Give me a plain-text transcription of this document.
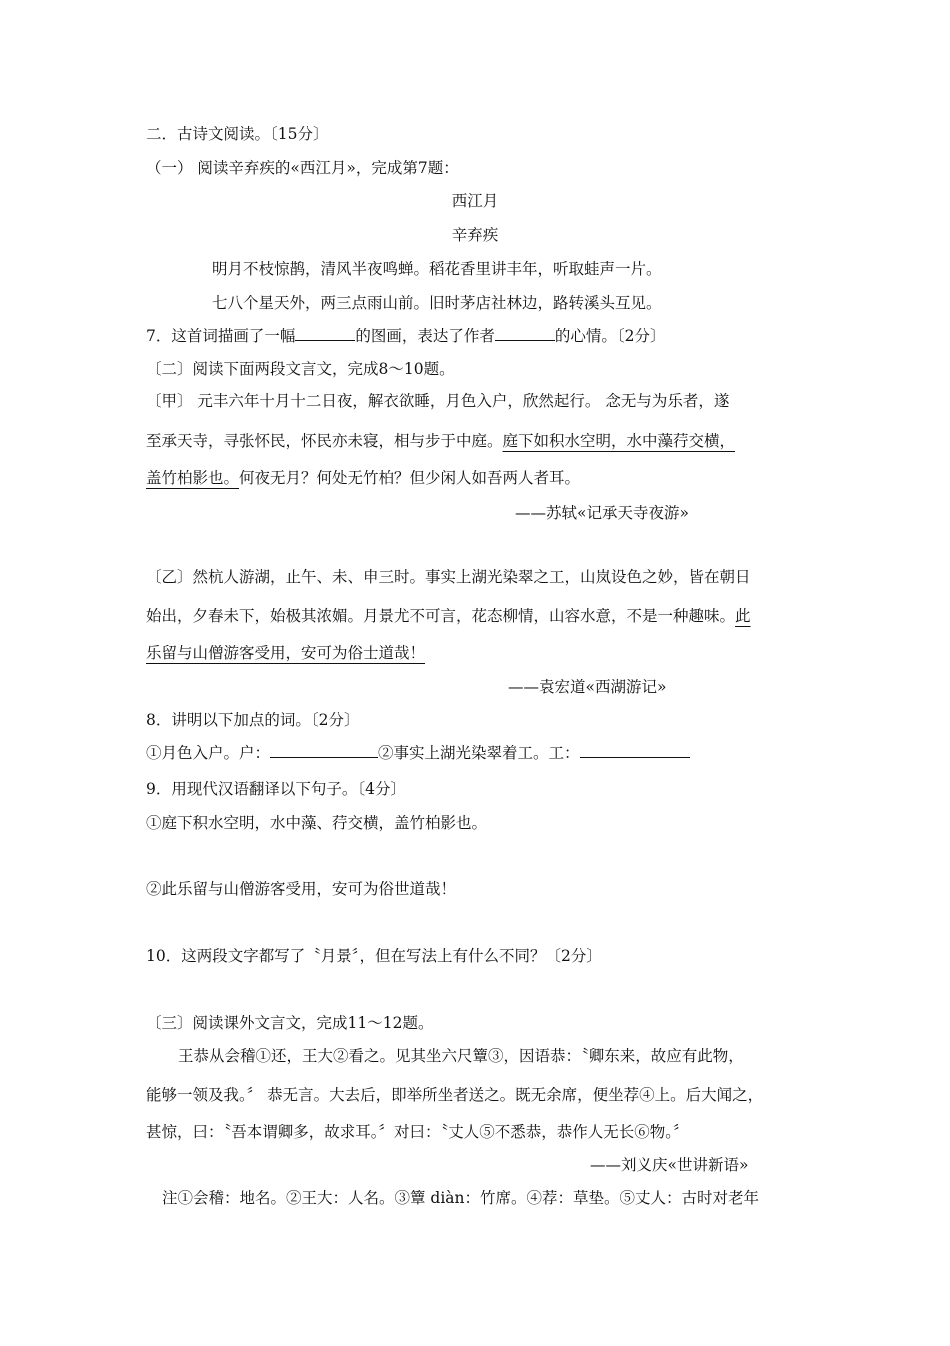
二．古诗文阅读。〔15分〕
（一） 阅读辛弃疾的«西江月»，完成第7题：
西江月
辛弃疾
明月不枝惊鹊，清风半夜鸣蝉。稻花香里讲丰年，听取蛙声一片。
七八个星天外，两三点雨山前。旧时茅店社林边，路转溪头互见。
7．这首词描画了一幅	的图画，表达了作者	的心情。〔2分〕
〔二〕阅读下面两段文言文，完成8～10题。
〔甲〕 元丰六年十月十二日夜，解衣欲睡，月色入户，欣然起行。 念无与为乐者，遂
至承天寺，寻张怀民，怀民亦未寝，相与步于中庭。庭下如积水空明，水中藻荇交横，
盖竹柏影也。何夜无月？何处无竹柏？但少闲人如吾两人者耳。
——苏轼«记承天寺夜游»
〔乙〕然杭人游湖，止午、未、申三时。事实上湖光染翠之工，山岚设色之妙，皆在朝日
始出，夕春未下，始极其浓媚。月景尤不可言，花态柳情，山容水意，不是一种趣味。此
乐留与山僧游客受用，安可为俗士道哉！
——袁宏道«西湖游记»
8．讲明以下加点的词。〔2分〕
①月色入户。户：	②事实上湖光染翠着工。工：
9．用现代汉语翻译以下句子。〔4分〕
①庭下积水空明，水中藻、荇交横，盖竹柏影也。
②此乐留与山僧游客受用，安可为俗世道哉！
10．这两段文字都写了〝月景〞，但在写法上有什么不同？〔2分〕
〔三〕阅读课外文言文，完成11～12题。
王恭从会稽①还，王大②看之。见其坐六尺簟③，因语恭：〝卿东来，故应有此物，
能够一领及我。〞 恭无言。大去后，即举所坐者送之。既无余席，便坐荐④上。后大闻之，
甚惊，曰：〝吾本谓卿多，故求耳。〞对曰：〝丈人⑤不悉恭，恭作人无长⑥物。〞
——刘义庆«世讲新语»
注①会稽：地名。②王大：人名。③簟 diàn：竹席。④荐：草垫。⑤丈人：古时对老年
